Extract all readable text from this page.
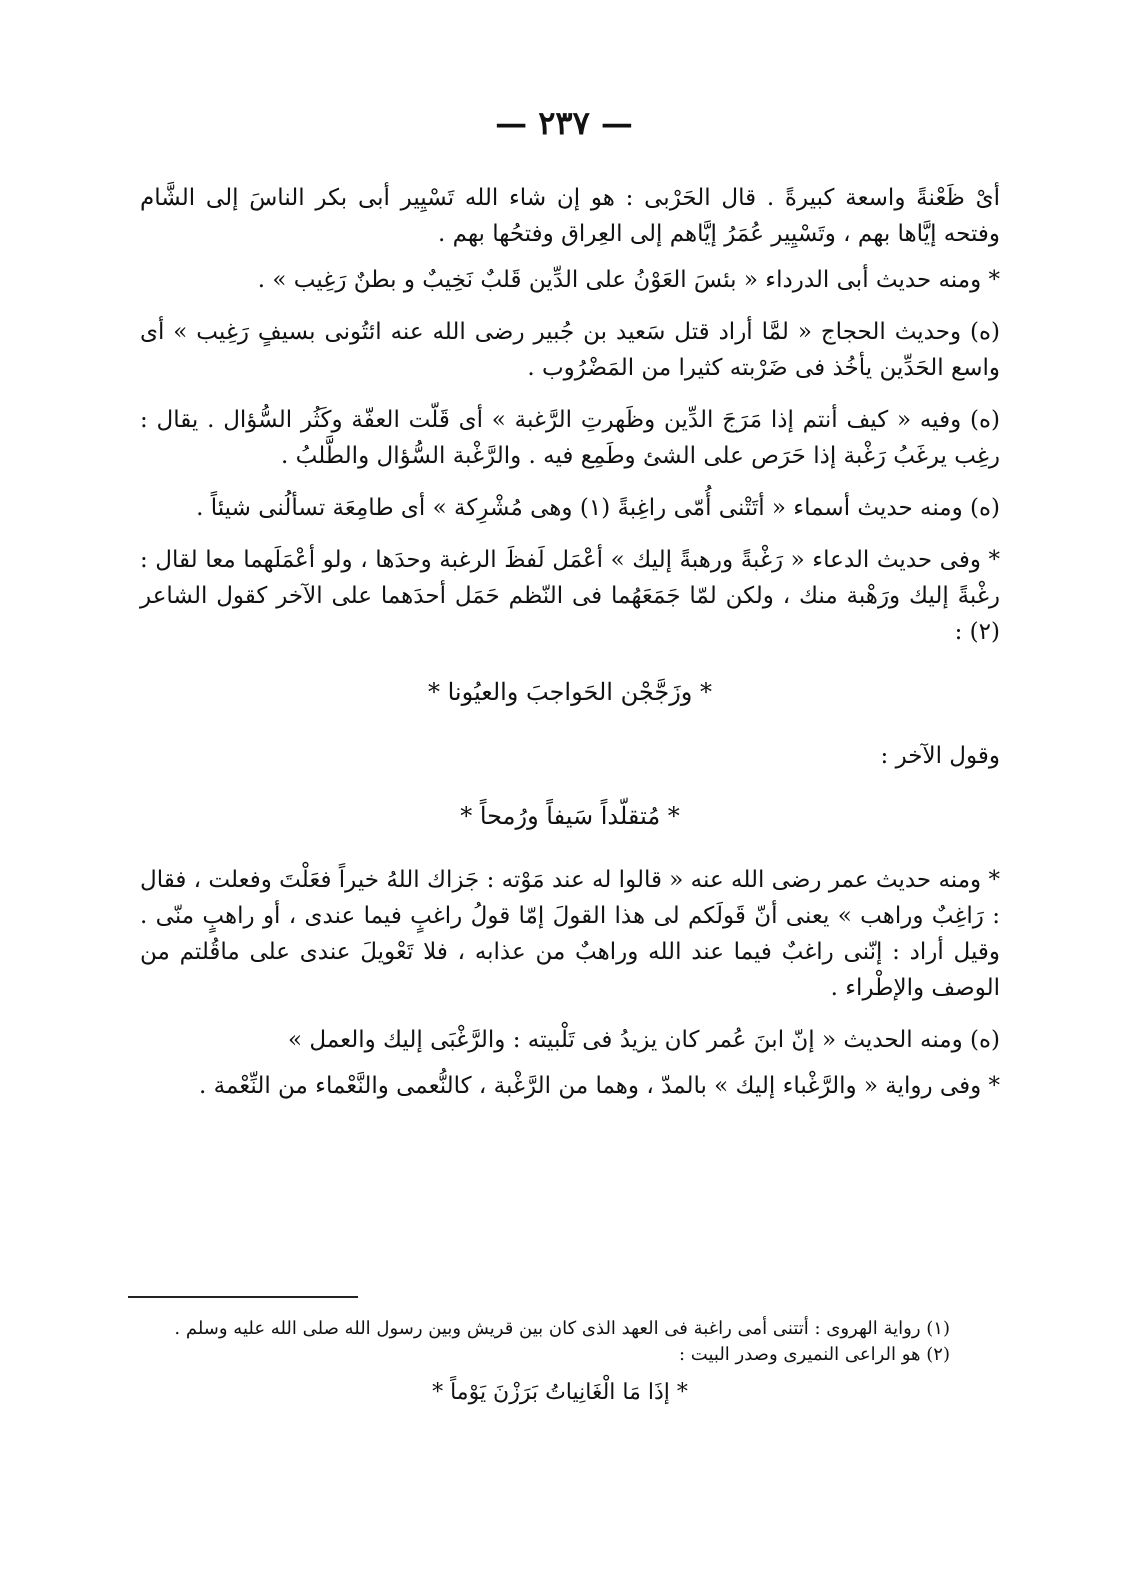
— ٢٣٧ —

أىْ ظَعْنةً واسعة كبيرةً . قال الحَرْبى : هو إن شاء الله تَسْيِير أبى بكر الناسَ إلى الشَّام وفتحه إيَّاها بهم ، وتَسْيِير عُمَرُ إيَّاهم إلى العِراق وفتحُها بهم .

* ومنه حديث أبى الدرداء « بئسَ العَوْنُ على الدِّين قَلبٌ نَخِيبٌ و بطنٌ رَغِيب » .

(ه) وحديث الحجاج « لمَّا أراد قتل سَعيد بن جُبير رضى الله عنه ائتُونى بسيفٍ رَغِيب » أى واسع الحَدِّين يأخُذ فى ضَرْبته كثيرا من المَضْرُوب .

(ه) وفيه « كيف أنتم إذا مَرَجَ الدِّين وظَهرتِ الرَّغبة » أى قَلّت العفّة وكَثُر السُّؤال . يقال : رغِب يرغَبُ رَغْبة إذا حَرَص على الشئ وطَمِع فيه . والرَّغْبة السُّؤال والطَّلبُ .

(ه) ومنه حديث أسماء « أتَتْنى أُمّى راغِبةً (١) وهى مُشْرِكة » أى طامِعَة تسألُنى شيئاً .

* وفى حديث الدعاء « رَغْبةً ورهبةً إليك » أعْمَل لَفظَ الرغبة وحدَها ، ولو أعْمَلَهما معا لقال : رغْبةً إليك ورَهْبة منك ، ولكن لمّا جَمَعَهُما فى النّظم حَمَل أحدَهما على الآخر كقول الشاعر (٢) :

* وزَجَّجْن الحَواجبَ والعيُونا *

وقول الآخر :

* مُتقلّداً سَيفاً ورُمحاً *

* ومنه حديث عمر رضى الله عنه « قالوا له عند مَوْته : جَزاك اللهُ خيراً فعَلْتَ وفعلت ، فقال : رَاغِبٌ وراهب » يعنى أنّ قَولَكم لى هذا القولَ إمّا قولُ راغبٍ فيما عندى ، أو راهبٍ منّى . وقيل أراد : إنّنى راغبٌ فيما عند الله وراهبٌ من عذابه ، فلا تَعْويلَ عندى على ماقُلتم من الوصف والإطْراء .

(ه) ومنه الحديث « إنّ ابنَ عُمر كان يزيدُ فى تَلْبيته : والرَّغْبَى إليك والعمل »

* وفى رواية « والرَّغْباء إليك » بالمدّ ، وهما من الرَّغْبة ، كالنُّعمى والنَّعْماء من النِّعْمة .

(١) رواية الهروى : أتتنى أمى راغبة فى العهد الذى كان بين قريش وبين رسول الله صلى الله عليه وسلم .

(٢) هو الراعى النميرى وصدر البيت :

* إذَا مَا الْغَانِياتُ بَرَزْنَ يَوْماً *
